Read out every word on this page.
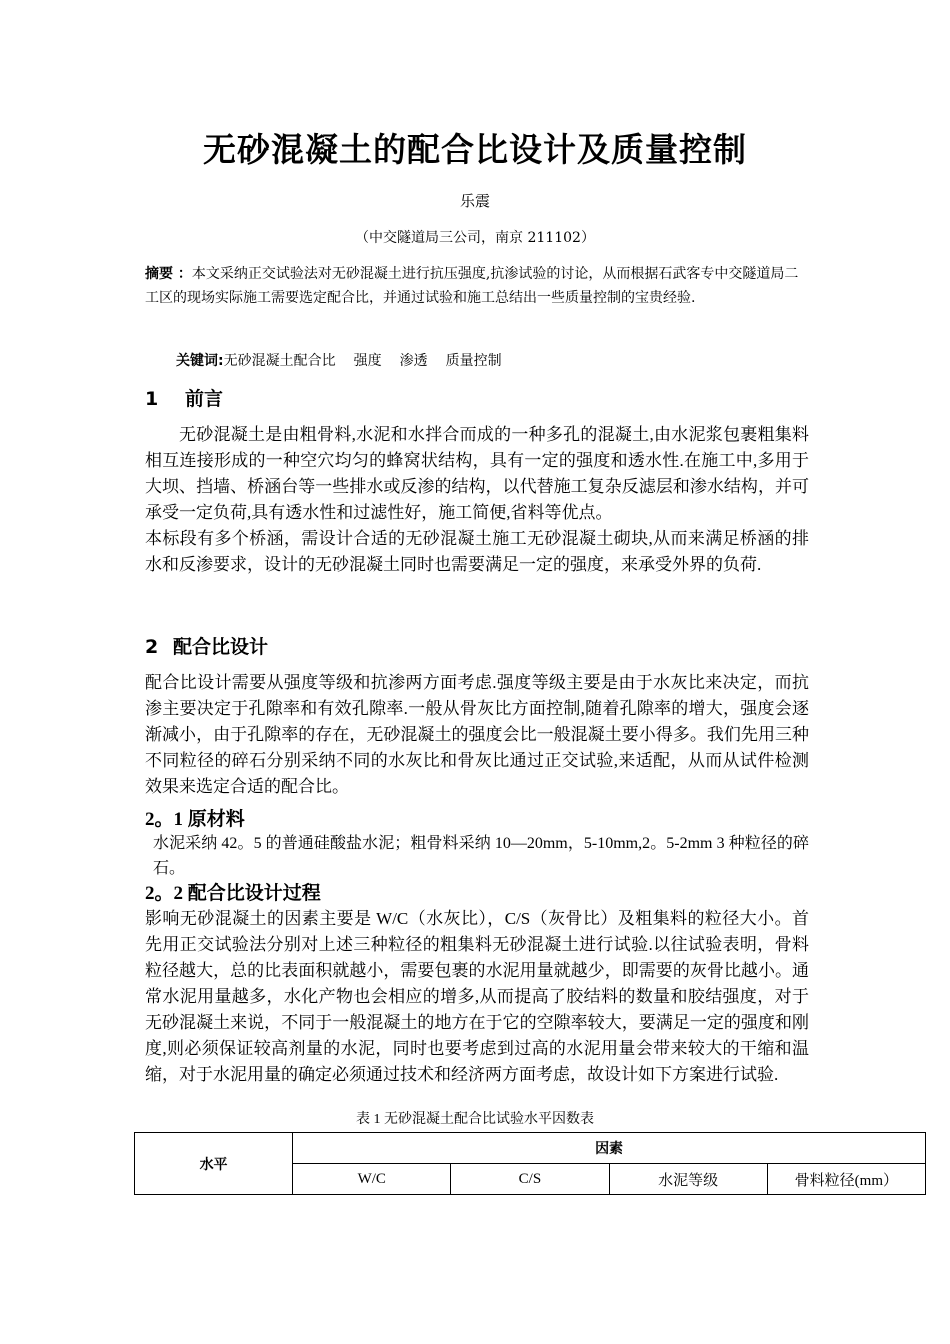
无砂混凝土的配合比设计及质量控制
乐震
（中交隧道局三公司，南京 211102）
摘要 ：本文采纳正交试验法对无砂混凝土进行抗压强度,抗渗试验的讨论，从而根据石武客专中交隧道局二工区的现场实际施工需要选定配合比，并通过试验和施工总结出一些质量控制的宝贵经验.
关键词:无砂混凝土配合比 强度 渗透 质量控制
1 前言
无砂混凝土是由粗骨料,水泥和水拌合而成的一种多孔的混凝土,由水泥浆包裹粗集料相互连接形成的一种空穴均匀的蜂窝状结构，具有一定的强度和透水性.在施工中,多用于大坝、挡墙、桥涵台等一些排水或反渗的结构，以代替施工复杂反滤层和渗水结构，并可承受一定负荷,具有透水性和过滤性好，施工简便,省料等优点。
本标段有多个桥涵，需设计合适的无砂混凝土施工无砂混凝土砌块,从而来满足桥涵的排水和反渗要求，设计的无砂混凝土同时也需要满足一定的强度，来承受外界的负荷.
2 配合比设计
配合比设计需要从强度等级和抗渗两方面考虑.强度等级主要是由于水灰比来决定，而抗渗主要决定于孔隙率和有效孔隙率.一般从骨灰比方面控制,随着孔隙率的增大，强度会逐渐减小，由于孔隙率的存在，无砂混凝土的强度会比一般混凝土要小得多。我们先用三种不同粒径的碎石分别采纳不同的水灰比和骨灰比通过正交试验,来适配，从而从试件检测效果来选定合适的配合比。
2。1 原材料
水泥采纳 42。5 的普通硅酸盐水泥；粗骨料采纳 10—20mm，5-10mm,2。5-2mm 3 种粒径的碎石。
2。2 配合比设计过程
影响无砂混凝土的因素主要是 W/C（水灰比），C/S（灰骨比）及粗集料的粒径大小。首先用正交试验法分别对上述三种粒径的粗集料无砂混凝土进行试验.以往试验表明，骨料粒径越大，总的比表面积就越小，需要包裹的水泥用量就越少，即需要的灰骨比越小。通常水泥用量越多，水化产物也会相应的增多,从而提高了胶结料的数量和胶结强度，对于无砂混凝土来说，不同于一般混凝土的地方在于它的空隙率较大，要满足一定的强度和刚度,则必须保证较高剂量的水泥，同时也要考虑到过高的水泥用量会带来较大的干缩和温缩，对于水泥用量的确定必须通过技术和经济两方面考虑，故设计如下方案进行试验.
表 1 无砂混凝土配合比试验水平因数表
水平	因素			
	W/C	C/S	水泥等级	骨料粒径(mm）
